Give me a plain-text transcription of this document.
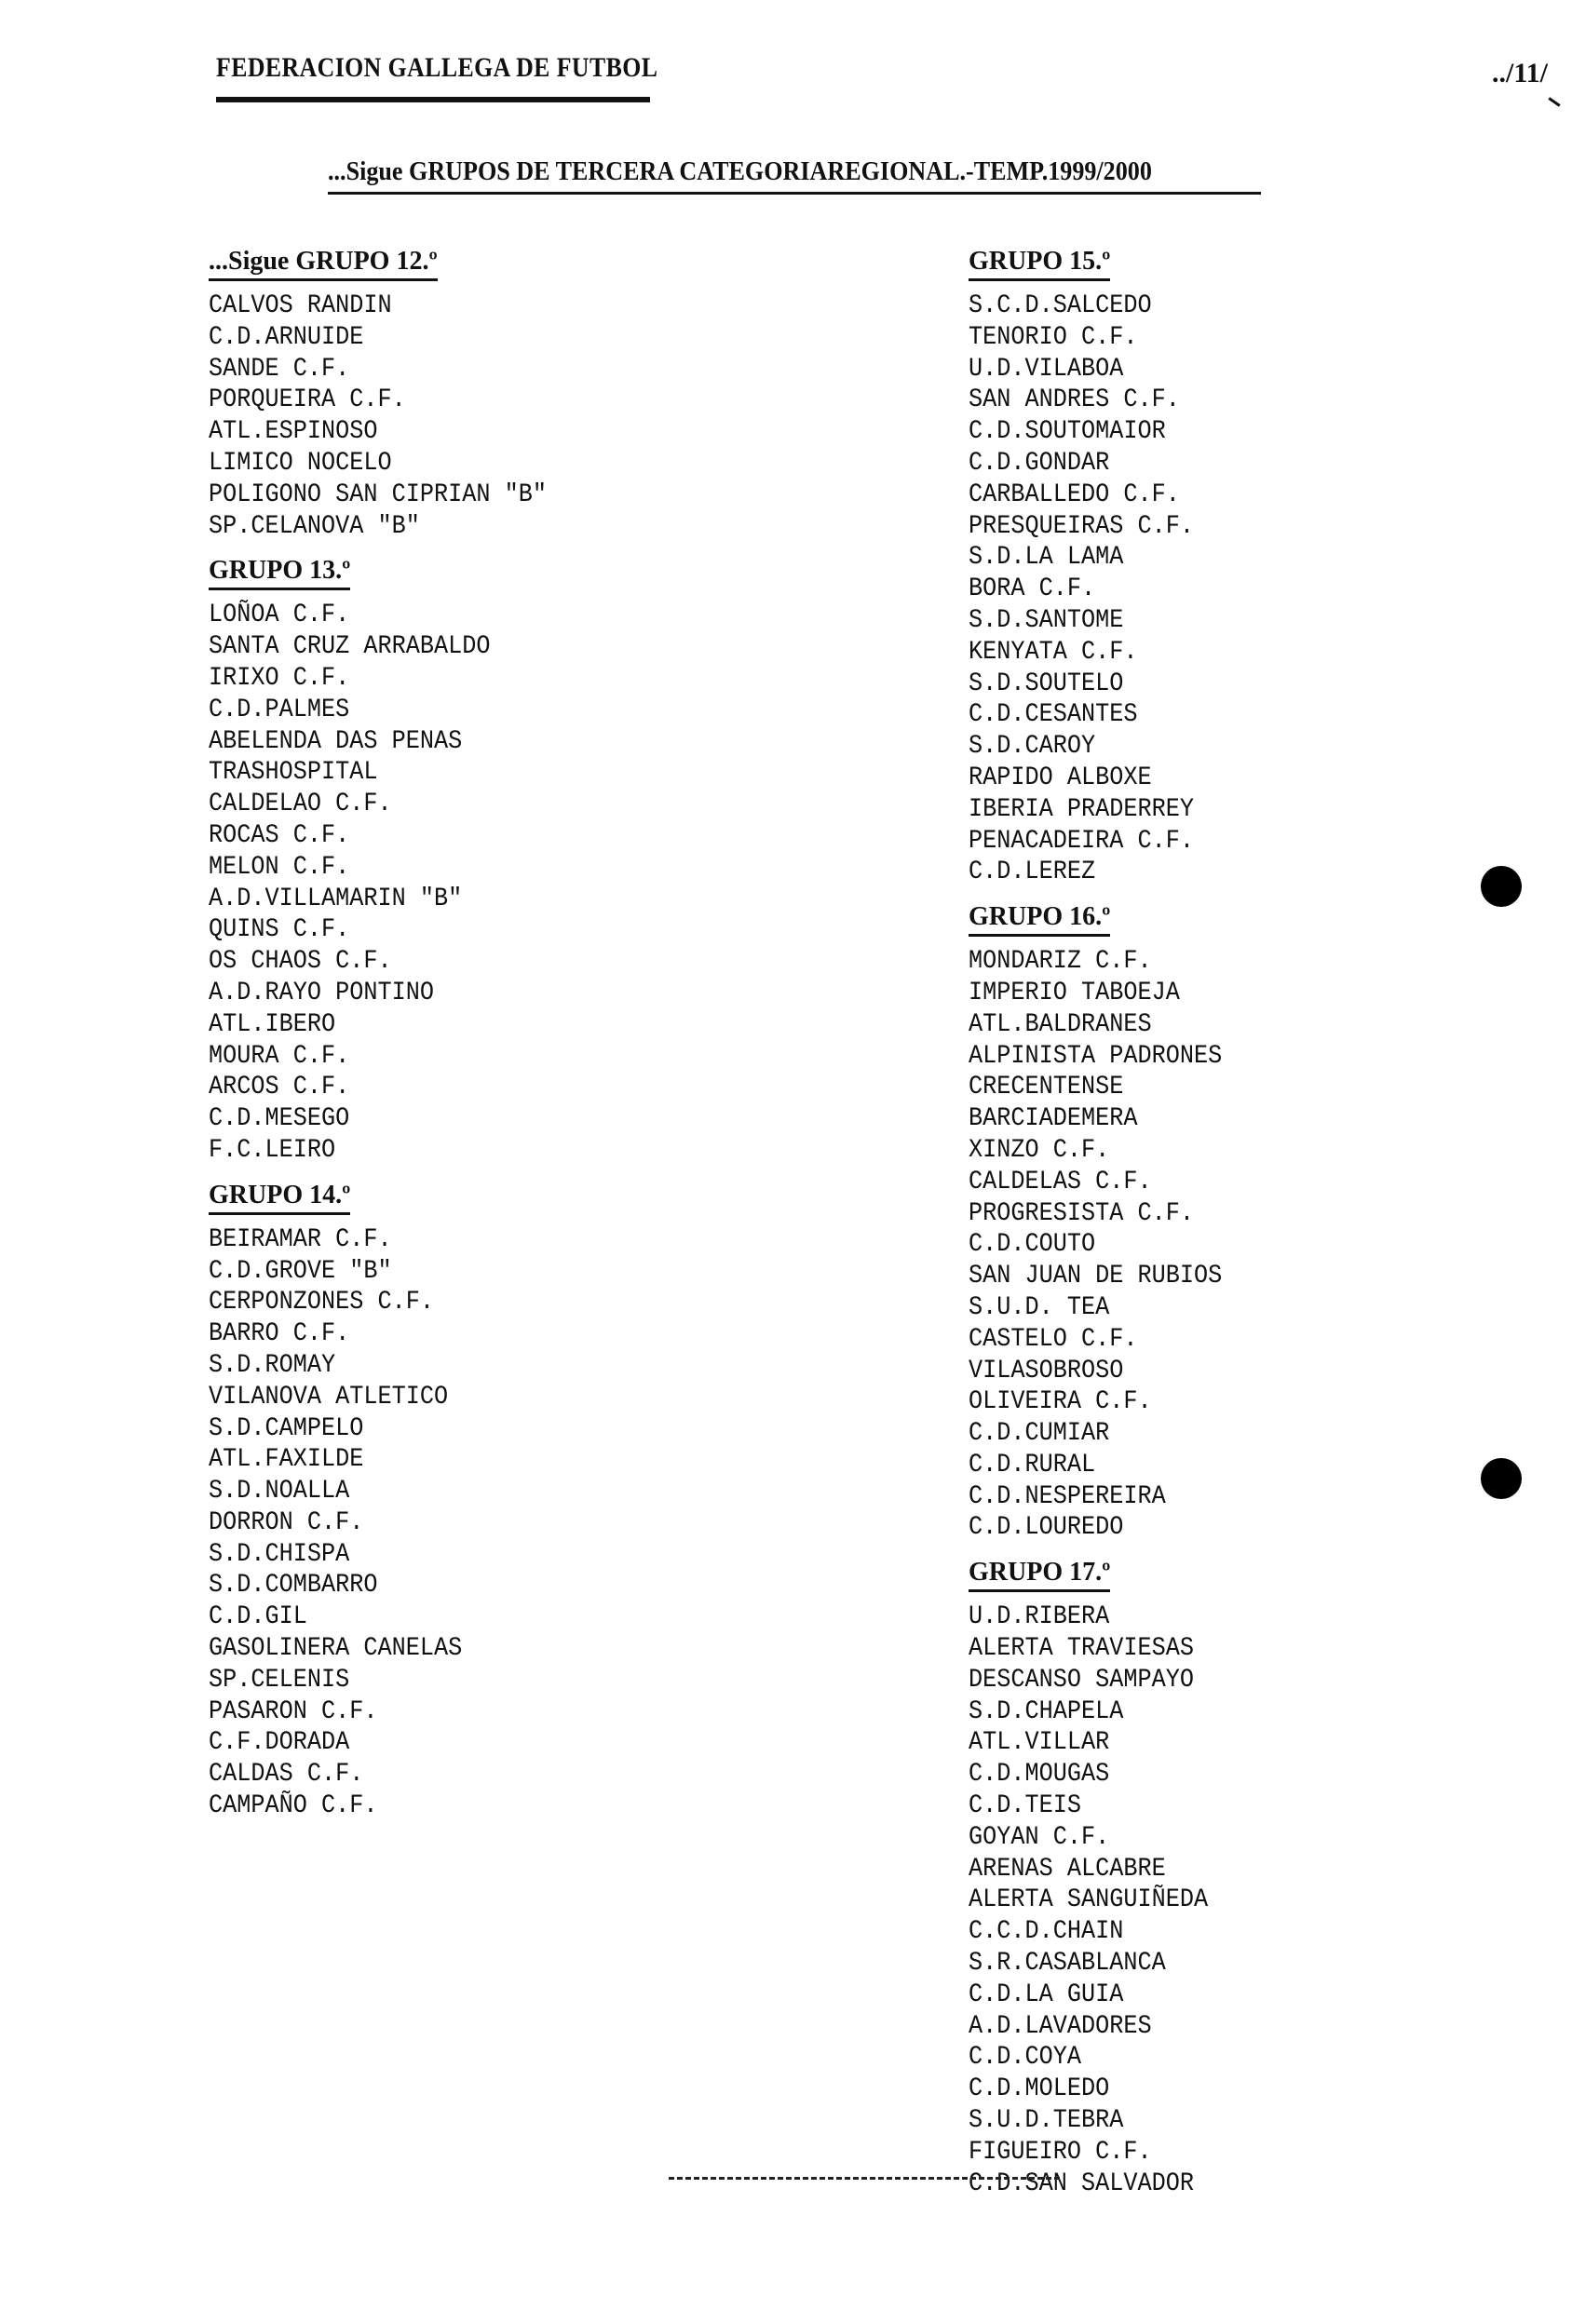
FEDERACION GALLEGA DE FUTBOL	../11/
...Sigue GRUPOS DE TERCERA CATEGORIAREGIONAL.-TEMP.1999/2000
...Sigue GRUPO 12.º
CALVOS RANDIN
C.D.ARNUIDE
SANDE C.F.
PORQUEIRA C.F.
ATL.ESPINOSO
LIMICO NOCELO
POLIGONO SAN CIPRIAN "B"
SP.CELANOVA "B"
GRUPO 13.º
LOÑOA C.F.
SANTA CRUZ ARRABALDO
IRIXO C.F.
C.D.PALMES
ABELENDA DAS PENAS
TRASHOSPITAL
CALDELAO C.F.
ROCAS C.F.
MELON C.F.
A.D.VILLAMARIN "B"
QUINS C.F.
OS CHAOS C.F.
A.D.RAYO PONTINO
ATL.IBERO
MOURA C.F.
ARCOS C.F.
C.D.MESEGO
F.C.LEIRO
GRUPO 14.º
BEIRAMAR C.F.
C.D.GROVE "B"
CERPONZONES C.F.
BARRO C.F.
S.D.ROMAY
VILANOVA ATLETICO
S.D.CAMPELO
ATL.FAXILDE
S.D.NOALLA
DORRON C.F.
S.D.CHISPA
S.D.COMBARRO
C.D.GIL
GASOLINERA CANELAS
SP.CELENIS
PASARON C.F.
C.F.DORADA
CALDAS C.F.
CAMPAÑO C.F.
GRUPO 15.º
S.C.D.SALCEDO
TENORIO C.F.
U.D.VILABOA
SAN ANDRES C.F.
C.D.SOUTOMAIOR
C.D.GONDAR
CARBALLEDO C.F.
PRESQUEIRAS C.F.
S.D.LA LAMA
BORA C.F.
S.D.SANTOME
KENYATA C.F.
S.D.SOUTELO
C.D.CESANTES
S.D.CAROY
RAPIDO ALBOXE
IBERIA PRADERREY
PENACADEIRA C.F.
C.D.LEREZ
GRUPO 16.º
MONDARIZ C.F.
IMPERIO TABOEJA
ATL.BALDRANES
ALPINISTA PADRONES
CRECENTENSE
BARCIADEMERA
XINZO C.F.
CALDELAS C.F.
PROGRESISTA C.F.
C.D.COUTO
SAN JUAN DE RUBIOS
S.U.D. TEA
CASTELO C.F.
VILASOBROSO
OLIVEIRA C.F.
C.D.CUMIAR
C.D.RURAL
C.D.NESPEREIRA
C.D.LOUREDO
GRUPO 17.º
U.D.RIBERA
ALERTA TRAVIESAS
DESCANSO SAMPAYO
S.D.CHAPELA
ATL.VILLAR
C.D.MOUGAS
C.D.TEIS
GOYAN C.F.
ARENAS ALCABRE
ALERTA SANGUIÑEDA
C.C.D.CHAIN
S.R.CASABLANCA
C.D.LA GUIA
A.D.LAVADORES
C.D.COYA
C.D.MOLEDO
S.U.D.TEBRA
FIGUEIRO C.F.
C.D.SAN SALVADOR
